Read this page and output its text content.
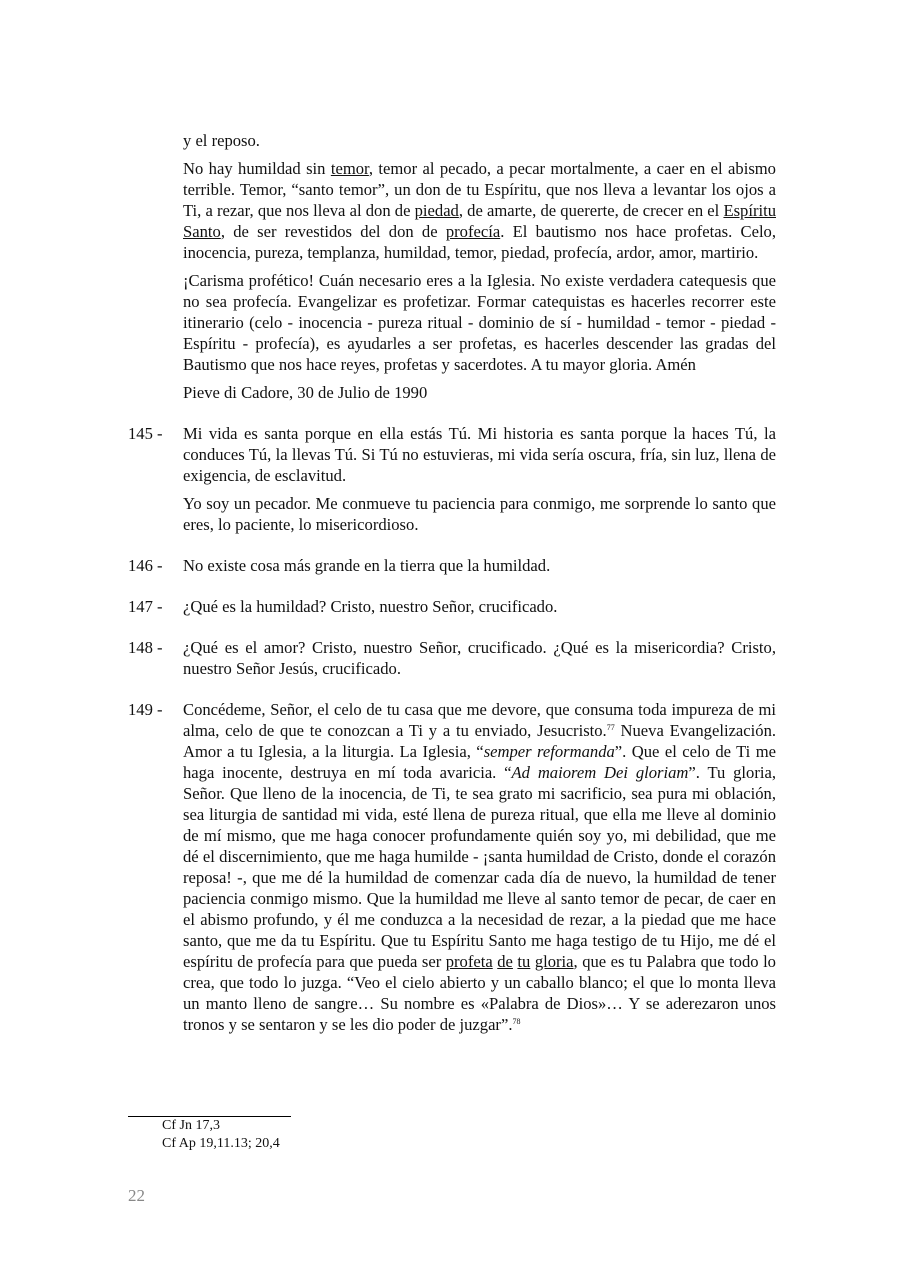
y el reposo.

No hay humildad sin temor, temor al pecado, a pecar mortalmente, a caer en el abismo terrible. Temor, “santo temor”, un don de tu Espíritu, que nos lleva a levantar los ojos a Ti, a rezar, que nos lleva al don de piedad, de amarte, de quererte, de crecer en el Espíritu Santo, de ser revestidos del don de profecía. El bautismo nos hace profetas. Celo, inocencia, pureza, templanza, humildad, temor, piedad, profecía, ardor, amor, martirio.

¡Carisma profético! Cuán necesario eres a la Iglesia. No existe verdadera catequesis que no sea profecía. Evangelizar es profetizar. Formar catequistas es hacerles recorrer este itinerario (celo - inocencia - pureza ritual - dominio de sí - humildad - temor - piedad - Espíritu - profecía), es ayudarles a ser profetas, es hacerles descender las gradas del Bautismo que nos hace reyes, profetas y sacerdotes. A tu mayor gloria. Amén

Pieve di Cadore, 30 de Julio de 1990

145 -	Mi vida es santa porque en ella estás Tú. Mi historia es santa porque la haces Tú, la conduces Tú, la llevas Tú. Si Tú no estuvieras, mi vida sería oscura, fría, sin luz, llena de exigencia, de esclavitud.

Yo soy un pecador. Me conmueve tu paciencia para conmigo, me sorprende lo santo que eres, lo paciente, lo misericordioso.

146 -	No existe cosa más grande en la tierra que la humildad.

147 -	¿Qué es la humildad? Cristo, nuestro Señor, crucificado.

148 -	¿Qué es el amor? Cristo, nuestro Señor, crucificado. ¿Qué es la misericordia? Cristo, nuestro Señor Jesús, crucificado.

149 -	Concédeme, Señor, el celo de tu casa que me devore, que consuma toda impureza de mi alma, celo de que te conozcan a Ti y a tu enviado, Jesucristo.$^{77}$ Nueva Evangelización. Amor a tu Iglesia, a la liturgia. La Iglesia, “semper reformanda”. Que el celo de Ti me haga inocente, destruya en mí toda avaricia. “Ad maiorem Dei gloriam”. Tu gloria, Señor. Que lleno de la inocencia, de Ti, te sea grato mi sacrificio, sea pura mi oblación, sea liturgia de santidad mi vida, esté llena de pureza ritual, que ella me lleve al dominio de mí mismo, que me haga conocer profundamente quién soy yo, mi debilidad, que me dé el discernimiento, que me haga humilde - ¡santa humildad de Cristo, donde el corazón reposa! -, que me dé la humildad de comenzar cada día de nuevo, la humildad de tener paciencia conmigo mismo. Que la humildad me lleve al santo temor de pecar, de caer en el abismo profundo, y él me conduzca a la necesidad de rezar, a la piedad que me hace santo, que me da tu Espíritu. Que tu Espíritu Santo me haga testigo de tu Hijo, me dé el espíritu de profecía para que pueda ser profeta de tu gloria, que es tu Palabra que todo lo crea, que todo lo juzga. “Veo el cielo abierto y un caballo blanco; el que lo monta lleva un manto lleno de sangre… Su nombre es «Palabra de Dios»… Y se aderezaron unos tronos y se sentaron y se les dio poder de juzgar”.$^{78}$

Cf Jn 17,3
Cf Ap 19,11.13; 20,4
22
